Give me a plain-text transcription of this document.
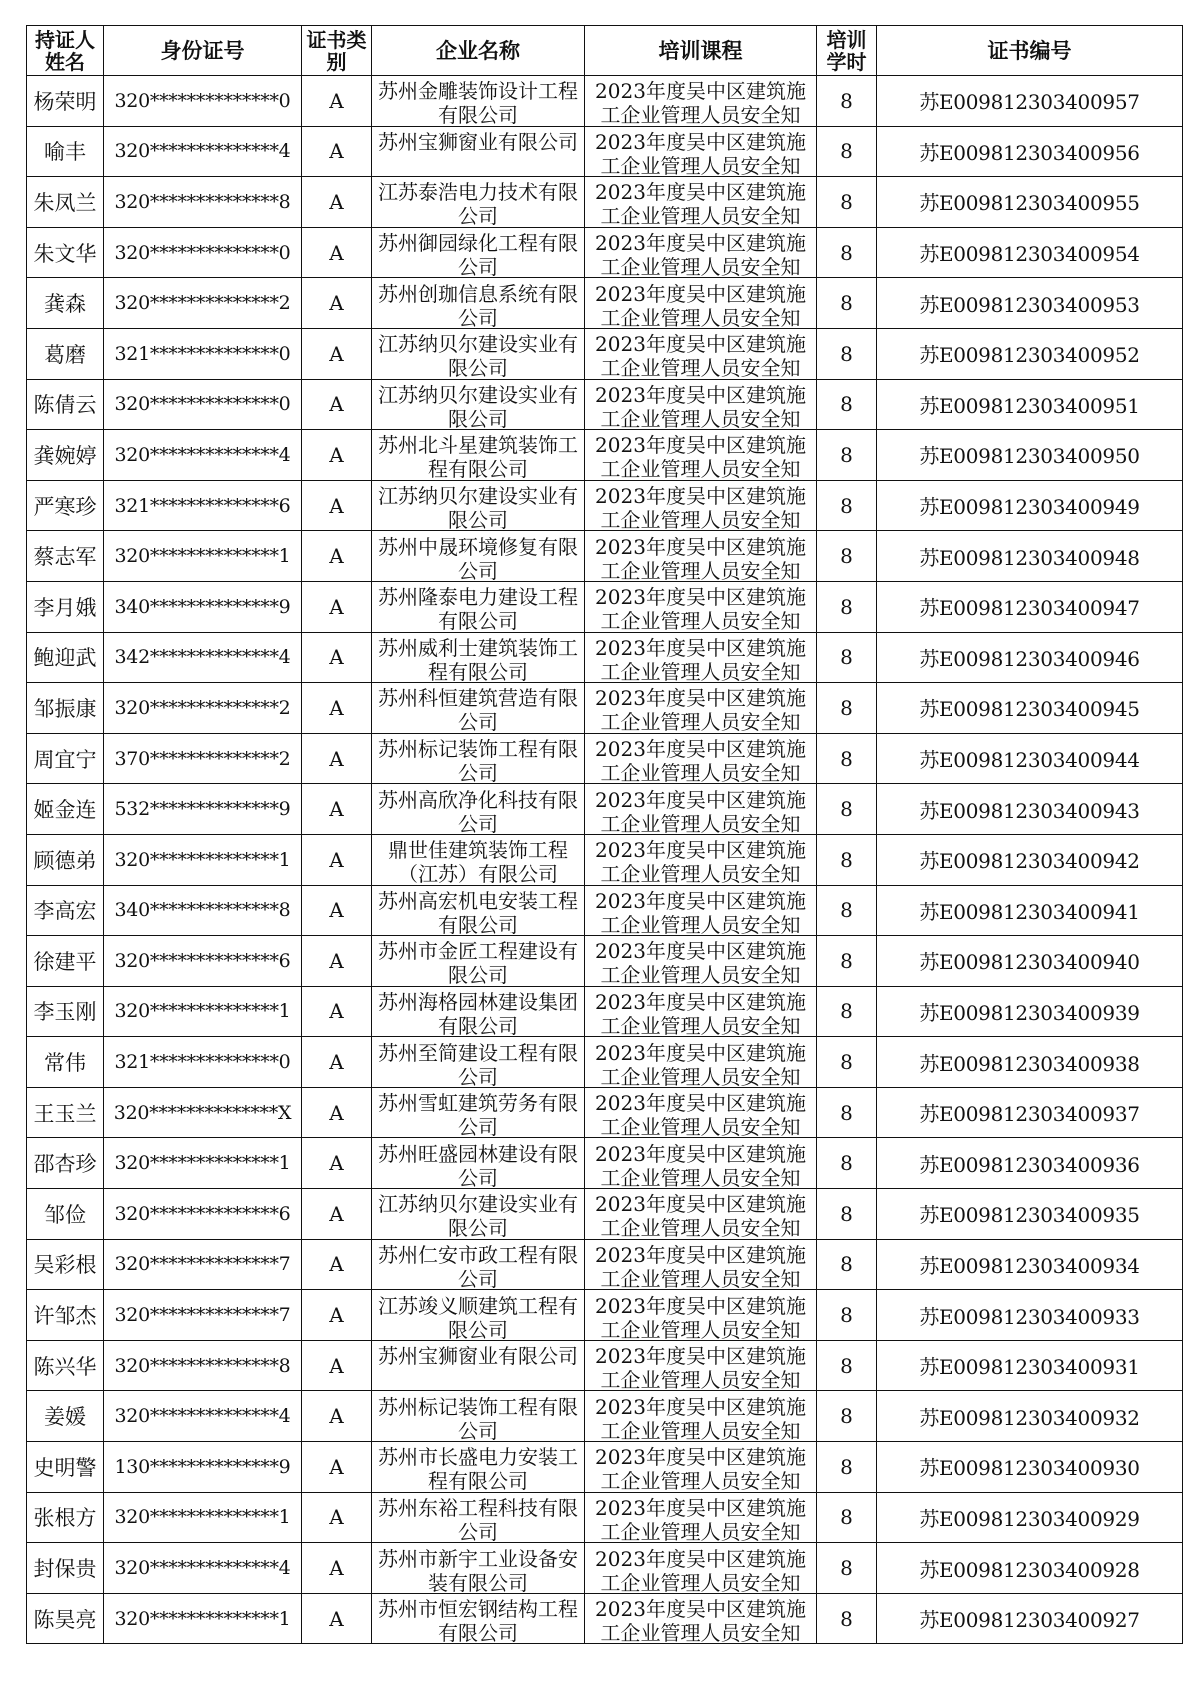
持证人姓名	身份证号	证书类别	企业名称	培训课程	培训学时	证书编号
杨荣明	320**************0	A	苏州金雕装饰设计工程有限公司	2023年度吴中区建筑施工企业管理人员安全知	8	苏E009812303400957
喻丰	320**************4	A	苏州宝狮窗业有限公司	2023年度吴中区建筑施工企业管理人员安全知	8	苏E009812303400956
朱凤兰	320**************8	A	江苏泰浩电力技术有限公司	2023年度吴中区建筑施工企业管理人员安全知	8	苏E009812303400955
朱文华	320**************0	A	苏州御园绿化工程有限公司	2023年度吴中区建筑施工企业管理人员安全知	8	苏E009812303400954
龚森	320**************2	A	苏州创珈信息系统有限公司	2023年度吴中区建筑施工企业管理人员安全知	8	苏E009812303400953
葛磨	321**************0	A	江苏纳贝尔建设实业有限公司	2023年度吴中区建筑施工企业管理人员安全知	8	苏E009812303400952
陈倩云	320**************0	A	江苏纳贝尔建设实业有限公司	2023年度吴中区建筑施工企业管理人员安全知	8	苏E009812303400951
龚婉婷	320**************4	A	苏州北斗星建筑装饰工程有限公司	2023年度吴中区建筑施工企业管理人员安全知	8	苏E009812303400950
严寒珍	321**************6	A	江苏纳贝尔建设实业有限公司	2023年度吴中区建筑施工企业管理人员安全知	8	苏E009812303400949
蔡志军	320**************1	A	苏州中晟环境修复有限公司	2023年度吴中区建筑施工企业管理人员安全知	8	苏E009812303400948
李月娥	340**************9	A	苏州隆泰电力建设工程有限公司	2023年度吴中区建筑施工企业管理人员安全知	8	苏E009812303400947
鲍迎武	342**************4	A	苏州威利士建筑装饰工程有限公司	2023年度吴中区建筑施工企业管理人员安全知	8	苏E009812303400946
邹振康	320**************2	A	苏州科恒建筑营造有限公司	2023年度吴中区建筑施工企业管理人员安全知	8	苏E009812303400945
周宜宁	370**************2	A	苏州标记装饰工程有限公司	2023年度吴中区建筑施工企业管理人员安全知	8	苏E009812303400944
姬金连	532**************9	A	苏州高欣净化科技有限公司	2023年度吴中区建筑施工企业管理人员安全知	8	苏E009812303400943
顾德弟	320**************1	A	鼎世佳建筑装饰工程（江苏）有限公司	2023年度吴中区建筑施工企业管理人员安全知	8	苏E009812303400942
李高宏	340**************8	A	苏州高宏机电安装工程有限公司	2023年度吴中区建筑施工企业管理人员安全知	8	苏E009812303400941
徐建平	320**************6	A	苏州市金匠工程建设有限公司	2023年度吴中区建筑施工企业管理人员安全知	8	苏E009812303400940
李玉刚	320**************1	A	苏州海格园林建设集团有限公司	2023年度吴中区建筑施工企业管理人员安全知	8	苏E009812303400939
常伟	321**************0	A	苏州至简建设工程有限公司	2023年度吴中区建筑施工企业管理人员安全知	8	苏E009812303400938
王玉兰	320**************X	A	苏州雪虹建筑劳务有限公司	2023年度吴中区建筑施工企业管理人员安全知	8	苏E009812303400937
邵杏珍	320**************1	A	苏州旺盛园林建设有限公司	2023年度吴中区建筑施工企业管理人员安全知	8	苏E009812303400936
邹俭	320**************6	A	江苏纳贝尔建设实业有限公司	2023年度吴中区建筑施工企业管理人员安全知	8	苏E009812303400935
吴彩根	320**************7	A	苏州仁安市政工程有限公司	2023年度吴中区建筑施工企业管理人员安全知	8	苏E009812303400934
许邹杰	320**************7	A	江苏竣义顺建筑工程有限公司	2023年度吴中区建筑施工企业管理人员安全知	8	苏E009812303400933
陈兴华	320**************8	A	苏州宝狮窗业有限公司	2023年度吴中区建筑施工企业管理人员安全知	8	苏E009812303400931
姜媛	320**************4	A	苏州标记装饰工程有限公司	2023年度吴中区建筑施工企业管理人员安全知	8	苏E009812303400932
史明警	130**************9	A	苏州市长盛电力安装工程有限公司	2023年度吴中区建筑施工企业管理人员安全知	8	苏E009812303400930
张根方	320**************1	A	苏州东裕工程科技有限公司	2023年度吴中区建筑施工企业管理人员安全知	8	苏E009812303400929
封保贵	320**************4	A	苏州市新宇工业设备安装有限公司	2023年度吴中区建筑施工企业管理人员安全知	8	苏E009812303400928
陈昊亮	320**************1	A	苏州市恒宏钢结构工程有限公司	2023年度吴中区建筑施工企业管理人员安全知	8	苏E009812303400927
